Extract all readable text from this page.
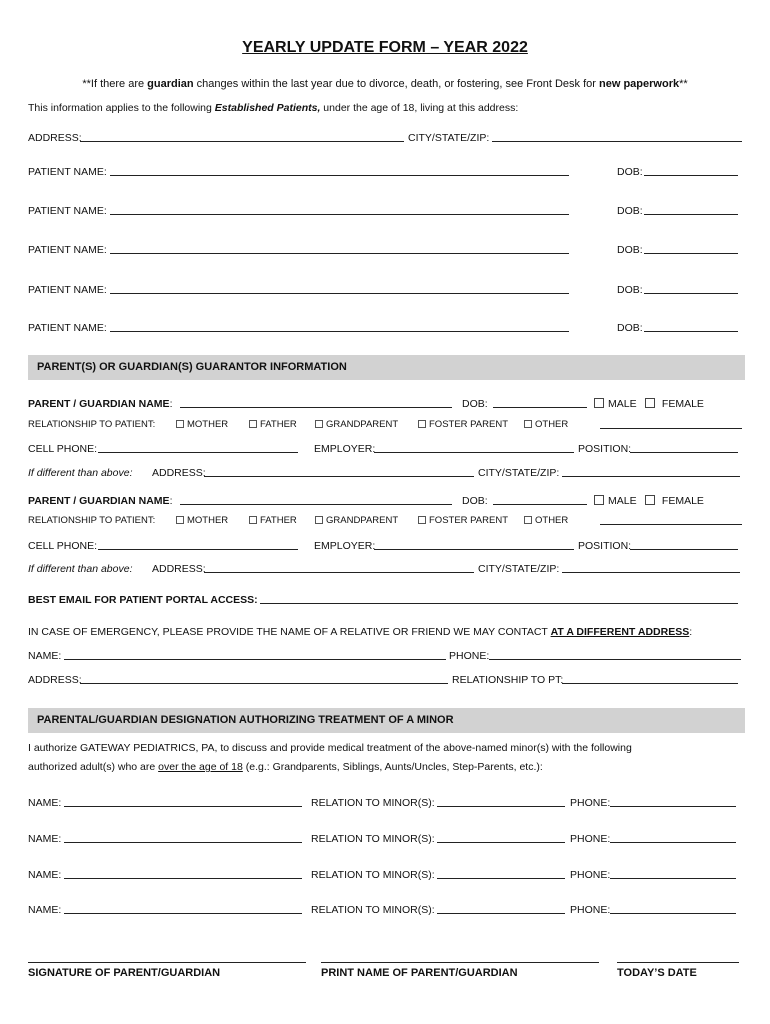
YEARLY UPDATE FORM – YEAR 2022
**If there are guardian changes within the last year due to divorce, death, or fostering, see Front Desk for new paperwork**
This information applies to the following Established Patients, under the age of 18, living at this address:
ADDRESS:	CITY/STATE/ZIP:
PATIENT NAME:	DOB:
PATIENT NAME:	DOB:
PATIENT NAME:	DOB:
PATIENT NAME:	DOB:
PATIENT NAME:	DOB:
PARENT(S) OR GUARDIAN(S) GUARANTOR INFORMATION
PARENT / GUARDIAN NAME:	DOB:	MALE	FEMALE
RELATIONSHIP TO PATIENT:	MOTHER	FATHER	GRANDPARENT	FOSTER PARENT	OTHER
CELL PHONE:	EMPLOYER:	POSITION:
If different than above: ADDRESS:	CITY/STATE/ZIP:
PARENT / GUARDIAN NAME:	DOB:	MALE	FEMALE
RELATIONSHIP TO PATIENT:	MOTHER	FATHER	GRANDPARENT	FOSTER PARENT	OTHER
CELL PHONE:	EMPLOYER:	POSITION:
If different than above: ADDRESS:	CITY/STATE/ZIP:
BEST EMAIL FOR PATIENT PORTAL ACCESS:
IN CASE OF EMERGENCY, PLEASE PROVIDE THE NAME OF A RELATIVE OR FRIEND WE MAY CONTACT AT A DIFFERENT ADDRESS:
NAME:	PHONE:
ADDRESS:	RELATIONSHIP TO PT:
PARENTAL/GUARDIAN DESIGNATION AUTHORIZING TREATMENT OF A MINOR
I authorize GATEWAY PEDIATRICS, PA, to discuss and provide medical treatment of the above-named minor(s) with the following
authorized adult(s) who are over the age of 18 (e.g.: Grandparents, Siblings, Aunts/Uncles, Step-Parents, etc.):
NAME:	RELATION TO MINOR(S):	PHONE:
NAME:	RELATION TO MINOR(S):	PHONE:
NAME:	RELATION TO MINOR(S):	PHONE:
NAME:	RELATION TO MINOR(S):	PHONE:
SIGNATURE OF PARENT/GUARDIAN	PRINT NAME OF PARENT/GUARDIAN	TODAY’S DATE
